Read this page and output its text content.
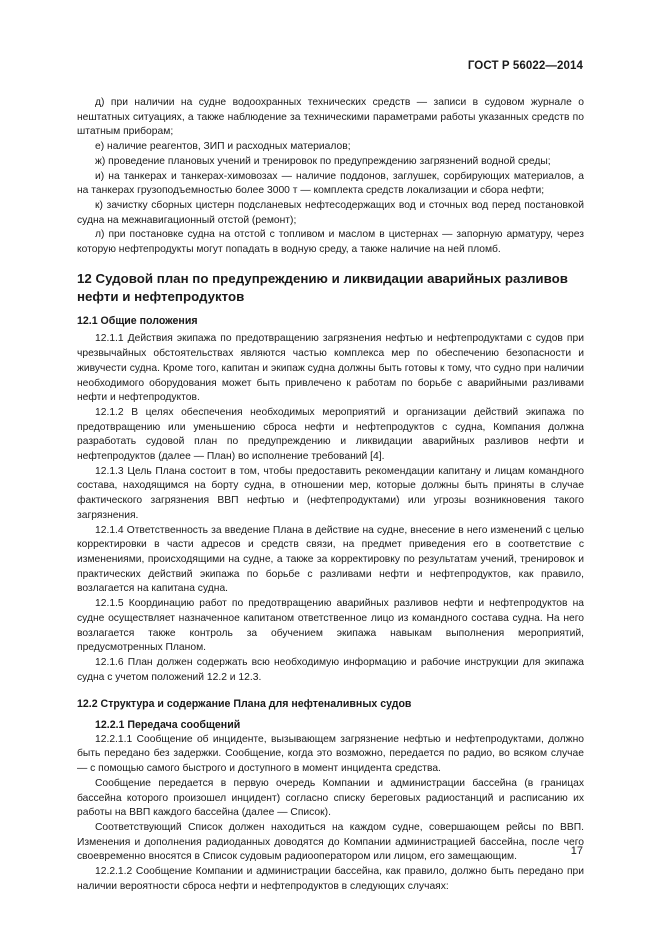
ГОСТ Р 56022—2014

д) при наличии на судне водоохранных технических средств — записи в судовом журнале о нештатных ситуациях, а также наблюдение за техническими параметрами работы указанных средств по штатным приборам;

е) наличие реагентов, ЗИП и расходных материалов;

ж) проведение плановых учений и тренировок по предупреждению загрязнений водной среды;

и) на танкерах и танкерах-химовозах — наличие поддонов, заглушек, сорбирующих материалов, а на танкерах грузоподъемностью более 3000 т — комплекта средств локализации и сбора нефти;

к) зачистку сборных цистерн подсланевых нефтесодержащих вод и сточных вод перед постановкой судна на межнавигационный отстой (ремонт);

л) при постановке судна на отстой с топливом и маслом в цистернах — запорную арматуру, через которую нефтепродукты могут попадать в водную среду, а также наличие на ней пломб.

12 Судовой план по предупреждению и ликвидации аварийных разливов нефти и нефтепродуктов
12.1 Общие положения

12.1.1 Действия экипажа по предотвращению загрязнения нефтью и нефтепродуктами с судов при чрезвычайных обстоятельствах являются частью комплекса мер по обеспечению безопасности и живучести судна. Кроме того, капитан и экипаж судна должны быть готовы к тому, что судно при наличии необходимого оборудования может быть привлечено к работам по борьбе с аварийными разливами нефти и нефтепродуктов.

12.1.2 В целях обеспечения необходимых мероприятий и организации действий экипажа по предотвращению или уменьшению сброса нефти и нефтепродуктов с судна, Компания должна разработать судовой план по предупреждению и ликвидации аварийных разливов нефти и нефтепродуктов (далее — План) во исполнение требований [4].

12.1.3 Цель Плана состоит в том, чтобы предоставить рекомендации капитану и лицам командного состава, находящимся на борту судна, в отношении мер, которые должны быть приняты в случае фактического загрязнения ВВП нефтью и (нефтепродуктами) или угрозы возникновения такого загрязнения.

12.1.4 Ответственность за введение Плана в действие на судне, внесение в него изменений с целью корректировки в части адресов и средств связи, на предмет приведения его в соответствие с изменениями, происходящими на судне, а также за корректировку по результатам учений, тренировок и практических действий экипажа по борьбе с разливами нефти и нефтепродуктов, как правило, возлагается на капитана судна.

12.1.5 Координацию работ по предотвращению аварийных разливов нефти и нефтепродуктов на судне осуществляет назначенное капитаном ответственное лицо из командного состава судна. На него возлагается также контроль за обучением экипажа навыкам выполнения мероприятий, предусмотренных Планом.

12.1.6 План должен содержать всю необходимую информацию и рабочие инструкции для экипажа судна с учетом положений 12.2 и 12.3.

12.2 Структура и содержание Плана для нефтеналивных судов
12.2.1 Передача сообщений

12.2.1.1 Сообщение об инциденте, вызывающем загрязнение нефтью и нефтепродуктами, должно быть передано без задержки. Сообщение, когда это возможно, передается по радио, во всяком случае — с помощью самого быстрого и доступного в момент инцидента средства.

Сообщение передается в первую очередь Компании и администрации бассейна (в границах бассейна которого произошел инцидент) согласно списку береговых радиостанций и расписанию их работы на ВВП каждого бассейна (далее — Список).

Соответствующий Список должен находиться на каждом судне, совершающем рейсы по ВВП. Изменения и дополнения радиоданных доводятся до Компании администрацией бассейна, после чего своевременно вносятся в Список судовым радиооператором или лицом, его замещающим.

12.2.1.2 Сообщение Компании и администрации бассейна, как правило, должно быть передано при наличии вероятности сброса нефти и нефтепродуктов в следующих случаях:

17
